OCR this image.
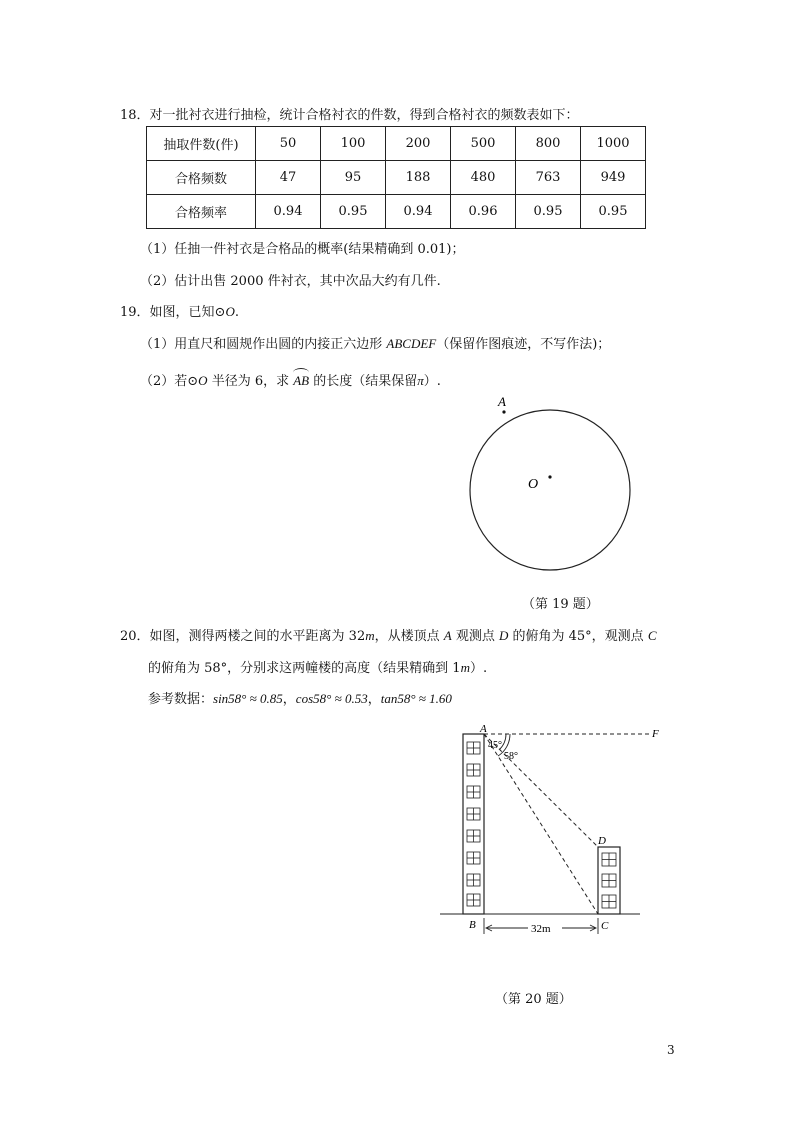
18．对一批衬衣进行抽检，统计合格衬衣的件数，得到合格衬衣的频数表如下：
抽取件数(件)	50	100	200	500	800	1000
合格频数	47	95	188	480	763	949
合格频率	0.94	0.95	0.94	0.96	0.95	0.95
（1）任抽一件衬衣是合格品的概率(结果精确到 0.01)；
（2）估计出售 2000 件衬衣，其中次品大约有几件.
19．如图，已知⊙O.
（1）用直尺和圆规作出圆的内接正六边形 ABCDEF（保留作图痕迹，不写作法)；
（2）若⊙O 半径为 6，求 AB 的长度（结果保留π）.
A
O
（第 19 题）
20．如图，测得两楼之间的水平距离为 32m，从楼顶点 A 观测点 D 的俯角为 45°，观测点 C
的俯角为 58°，分别求这两幢楼的高度（结果精确到 1m）.
参考数据：sin58° ≈ 0.85，cos58° ≈ 0.53，tan58° ≈ 1.60
32m
A	F
D
B	C
45°
58°
（第 20 题）
3
